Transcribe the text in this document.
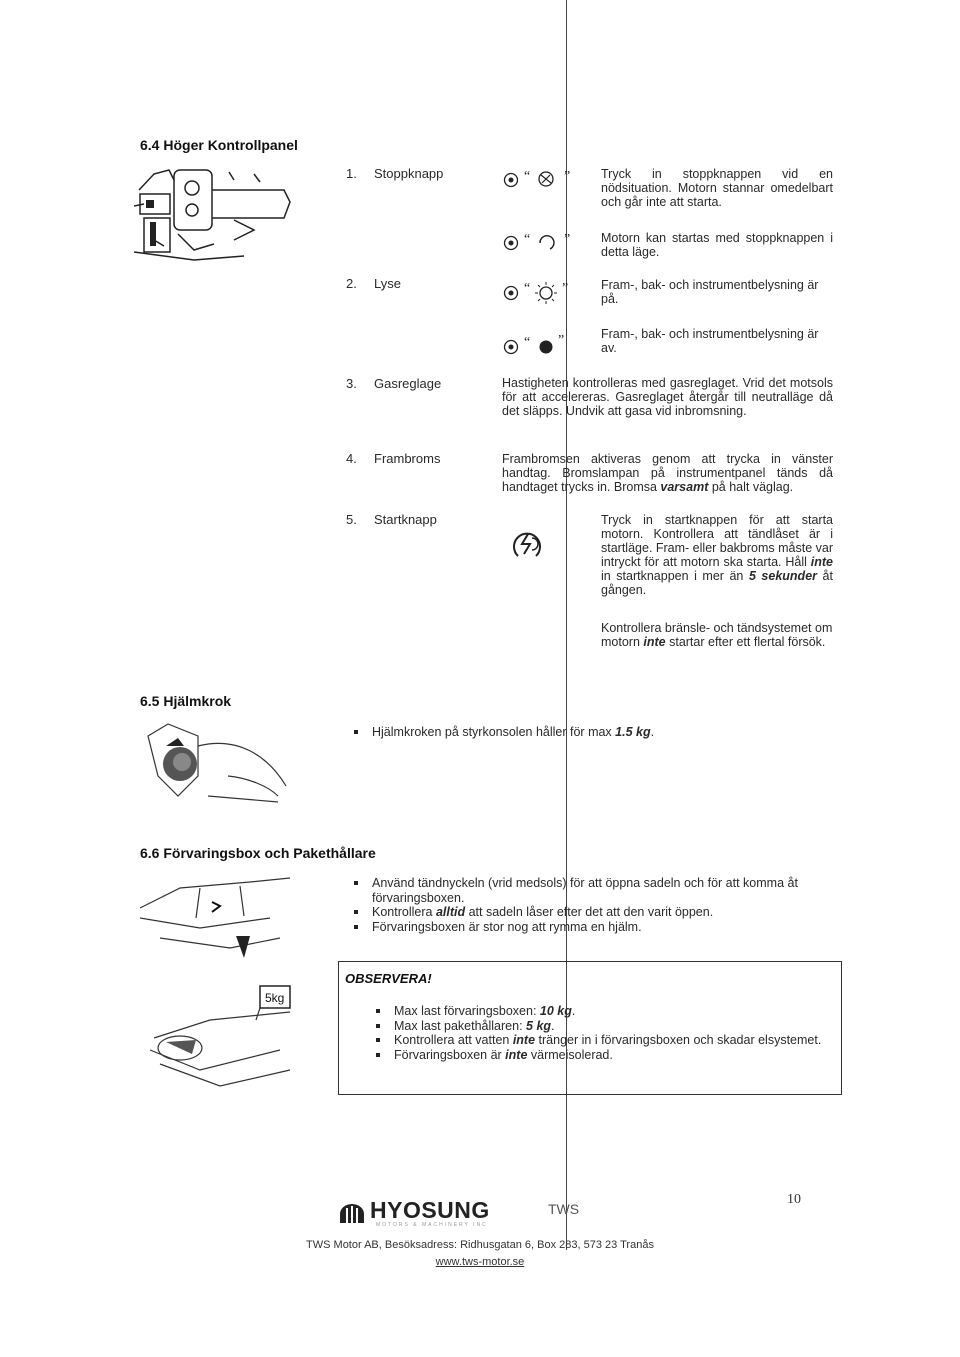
6.4 Höger Kontrollpanel
1. Stoppknapp	“ ” Tryck in stoppknappen vid en nödsituation. Motorn stannar omedelbart och går inte att starta.
“ ” Motorn kan startas med stoppknappen i detta läge.
2. Lyse	“ ”	Fram-, bak- och instrumentbelysning är på.
“ ”	Fram-, bak- och instrumentbelysning är av.
3. Gasreglage	Hastigheten kontrolleras med gasreglaget. Vrid det motsols för att accelereras. Gasreglaget återgår till neutralläge då det släpps. Undvik att gasa vid inbromsning.
4. Frambroms	Frambromsen aktiveras genom att trycka in vänster handtag. Bromslampan på instrumentpanel tänds då handtaget trycks in. Bromsa varsamt på halt väglag.
5. Startknapp	Tryck in startknappen för att starta motorn. Kontrollera att tändlåset är i startläge. Fram- eller bakbroms måste var intryckt för att motorn ska starta. Håll inte in startknappen i mer än 5 sekunder åt gången.
Kontrollera bränsle- och tändsystemet om motorn inte startar efter ett flertal försök.
6.5 Hjälmkrok
Hjälmkroken på styrkonsolen håller för max 1.5 kg.
6.6 Förvaringsbox och Pakethållare
Använd tändnyckeln (vrid medsols) för att öppna sadeln och för att komma åt förvaringsboxen.
Kontrollera alltid att sadeln låser efter det att den varit öppen.
Förvaringsboxen är stor nog att rymma en hjälm.
5kg
OBSERVERA!
Max last förvaringsboxen: 10 kg.
Max last pakethållaren: 5 kg.
Kontrollera att vatten inte tränger in i förvaringsboxen och skadar elsystemet.
Förvaringsboxen är inte värmeisolerad.
HYOSUNG
MOTORS & MACHINERY INC
TWS
10
TWS Motor AB, Besöksadress: Ridhusgatan 6, Box 283, 573 23 Tranås
www.tws-motor.se
